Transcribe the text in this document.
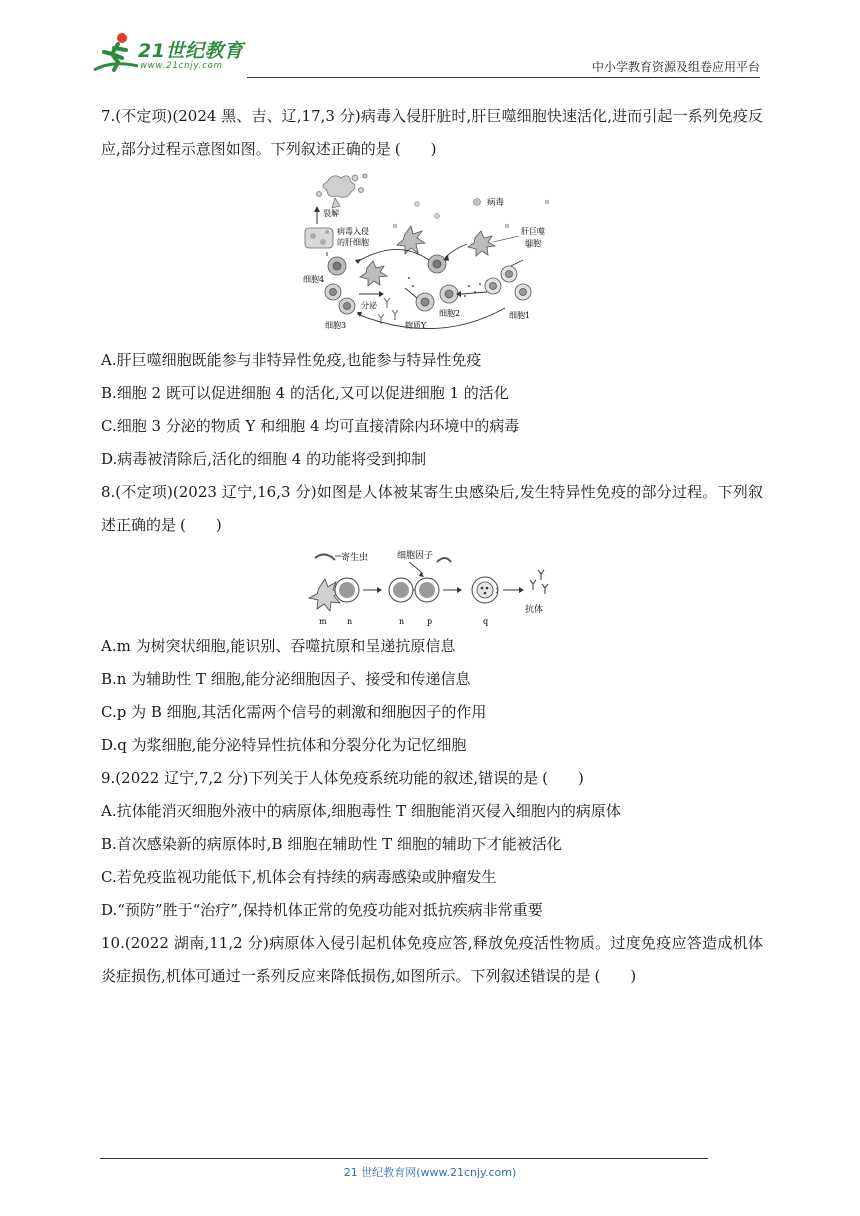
21世纪教育
www.21cnjy.com	中小学教育资源及组卷应用平台

7.(不定项)(2024 黑、吉、辽,17,3 分)病毒入侵肝脏时,肝巨噬细胞快速活化,进而引起一系列免疫反应,部分过程示意图如图。下列叙述正确的是 (　　)

裂解
病毒
病毒入侵
的肝细胞
肝巨噬
细胞
细胞4
细胞2	细胞1
细胞3
分泌
物质Y

A.肝巨噬细胞既能参与非特异性免疫,也能参与特异性免疫

B.细胞 2 既可以促进细胞 4 的活化,又可以促进细胞 1 的活化

C.细胞 3 分泌的物质 Y 和细胞 4 均可直接清除内环境中的病毒

D.病毒被清除后,活化的细胞 4 的功能将受到抑制

8.(不定项)(2023 辽宁,16,3 分)如图是人体被某寄生虫感染后,发生特异性免疫的部分过程。下列叙述正确的是 (　　)

寄生虫	细胞因子
抗体
m	n	n	p	q

A.m 为树突状细胞,能识别、吞噬抗原和呈递抗原信息

B.n 为辅助性 T 细胞,能分泌细胞因子、接受和传递信息

C.p 为 B 细胞,其活化需两个信号的刺激和细胞因子的作用

D.q 为浆细胞,能分泌特异性抗体和分裂分化为记忆细胞

9.(2022 辽宁,7,2 分)下列关于人体免疫系统功能的叙述,错误的是 (　　)

A.抗体能消灭细胞外液中的病原体,细胞毒性 T 细胞能消灭侵入细胞内的病原体

B.首次感染新的病原体时,B 细胞在辅助性 T 细胞的辅助下才能被活化

C.若免疫监视功能低下,机体会有持续的病毒感染或肿瘤发生

D.“预防”胜于“治疗”,保持机体正常的免疫功能对抵抗疾病非常重要

10.(2022 湖南,11,2 分)病原体入侵引起机体免疫应答,释放免疫活性物质。过度免疫应答造成机体炎症损伤,机体可通过一系列反应来降低损伤,如图所示。下列叙述错误的是 (　　)

21 世纪教育网(www.21cnjy.com)
